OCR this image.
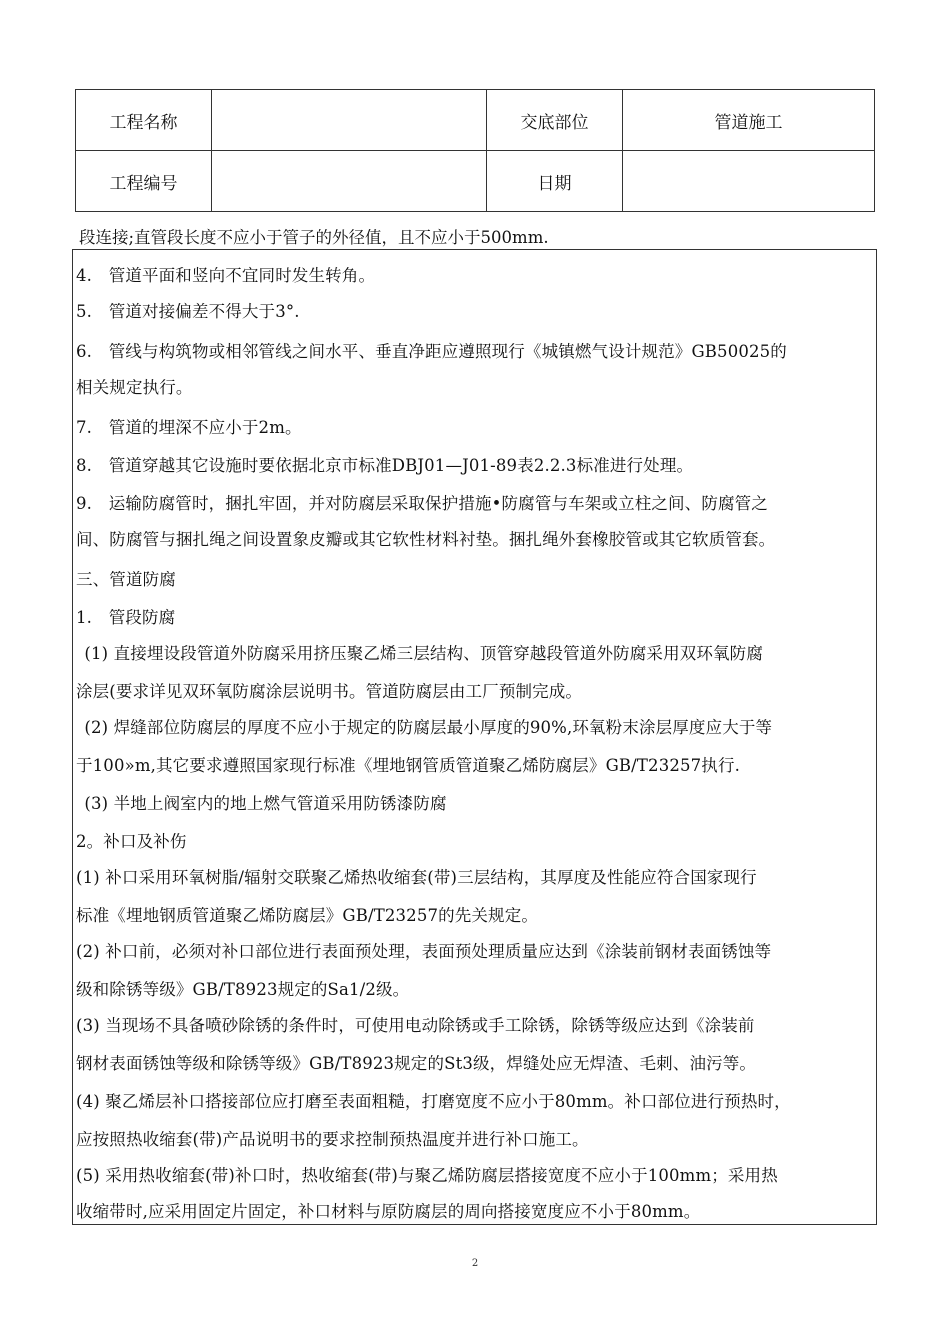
工程名称		交底部位	管道施工
工程编号		日期	
段连接;直管段长度不应小于管子的外径值，且不应小于500mm.
4. 管道平面和竖向不宜同时发生转角。
5. 管道对接偏差不得大于3°.
6. 管线与构筑物或相邻管线之间水平、垂直净距应遵照现行《城镇燃气设计规范》GB50025的
相关规定执行。
7. 管道的埋深不应小于2m。
8. 管道穿越其它设施时要依据北京市标准DBJ01—J01-89表2.2.3标准进行处理。
9. 运输防腐管时，捆扎牢固，并对防腐层采取保护措施•防腐管与车架或立柱之间、防腐管之
间、防腐管与捆扎绳之间设置象皮瓣或其它软性材料衬垫。捆扎绳外套橡胶管或其它软质管套。
三、管道防腐
1. 管段防腐
 (1) 直接埋设段管道外防腐采用挤压聚乙烯三层结构、顶管穿越段管道外防腐采用双环氧防腐
涂层(要求详见双环氧防腐涂层说明书。管道防腐层由工厂预制完成。
 (2) 焊缝部位防腐层的厚度不应小于规定的防腐层最小厚度的90%,环氧粉末涂层厚度应大于等
于100»m,其它要求遵照国家现行标准《埋地钢管质管道聚乙烯防腐层》GB/T23257执行.
 (3) 半地上阀室内的地上燃气管道采用防锈漆防腐
2。补口及补伤
(1) 补口采用环氧树脂/辐射交联聚乙烯热收缩套(带)三层结构，其厚度及性能应符合国家现行
标准《埋地钢质管道聚乙烯防腐层》GB/T23257的先关规定。
(2) 补口前，必须对补口部位进行表面预处理，表面预处理质量应达到《涂装前钢材表面锈蚀等
级和除锈等级》GB/T8923规定的Sa1/2级。
(3) 当现场不具备喷砂除锈的条件时，可使用电动除锈或手工除锈，除锈等级应达到《涂装前
钢材表面锈蚀等级和除锈等级》GB/T8923规定的St3级，焊缝处应无焊渣、毛刺、油污等。
(4) 聚乙烯层补口搭接部位应打磨至表面粗糙，打磨宽度不应小于80mm。补口部位进行预热时，
应按照热收缩套(带)产品说明书的要求控制预热温度并进行补口施工。
(5) 采用热收缩套(带)补口时，热收缩套(带)与聚乙烯防腐层搭接宽度不应小于100mm；采用热
收缩带时,应采用固定片固定，补口材料与原防腐层的周向搭接宽度应不小于80mm。
2
